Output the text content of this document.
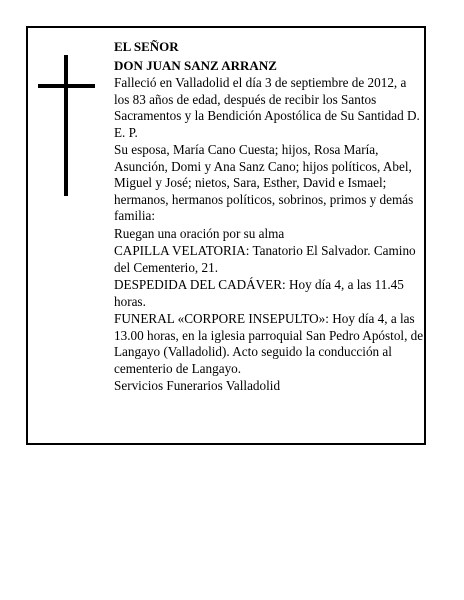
EL SEÑOR

DON JUAN SANZ ARRANZ

Falleció en Valladolid el día 3 de septiembre de 2012, a los 83 años de edad, después de recibir los Santos Sacramentos y la Bendición Apostólica de Su Santidad D. E. P.

Su esposa, María Cano Cuesta; hijos, Rosa María, Asunción, Domi y Ana Sanz Cano; hijos políticos, Abel, Miguel y José; nietos, Sara, Esther, David e Ismael; hermanos, hermanos políticos, sobrinos, primos y demás familia:

Ruegan una oración por su alma

CAPILLA VELATORIA: Tanatorio El Salvador. Camino del Cementerio, 21.

DESPEDIDA DEL CADÁVER: Hoy día 4, a las 11.45 horas.

FUNERAL «CORPORE INSEPULTO»: Hoy día 4, a las 13.00 horas, en la iglesia parroquial San Pedro Apóstol, de Langayo (Valladolid). Acto seguido la conducción al cementerio de Langayo.

Servicios Funerarios Valladolid
